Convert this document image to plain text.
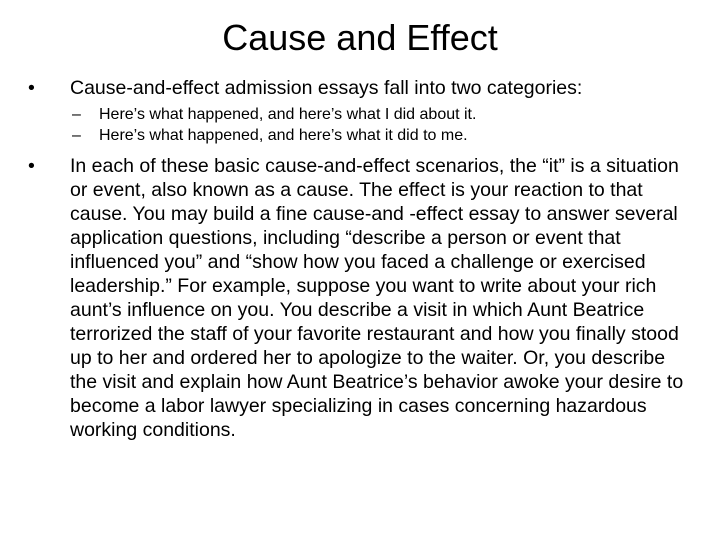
Cause and Effect
•	Cause-and-effect admission essays fall into two categories:
– Here’s what happened, and here’s what I did about it.
– Here’s what happened, and here’s what it did to me.
•	In each of these basic cause-and-effect scenarios, the “it” is a situation or event, also known as a cause. The effect is your reaction to that cause. You may build a fine cause-and -effect essay to answer several application questions, including “describe a person or event that influenced you” and “show how you faced a challenge or exercised leadership.” For example, suppose you want to write about your rich aunt’s influence on you. You describe a visit in which Aunt Beatrice terrorized the staff of your favorite restaurant and how you finally stood up to her and ordered her to apologize to the waiter. Or, you describe the visit and explain how Aunt Beatrice’s behavior awoke your desire to become a labor lawyer specializing in cases concerning hazardous working conditions.
